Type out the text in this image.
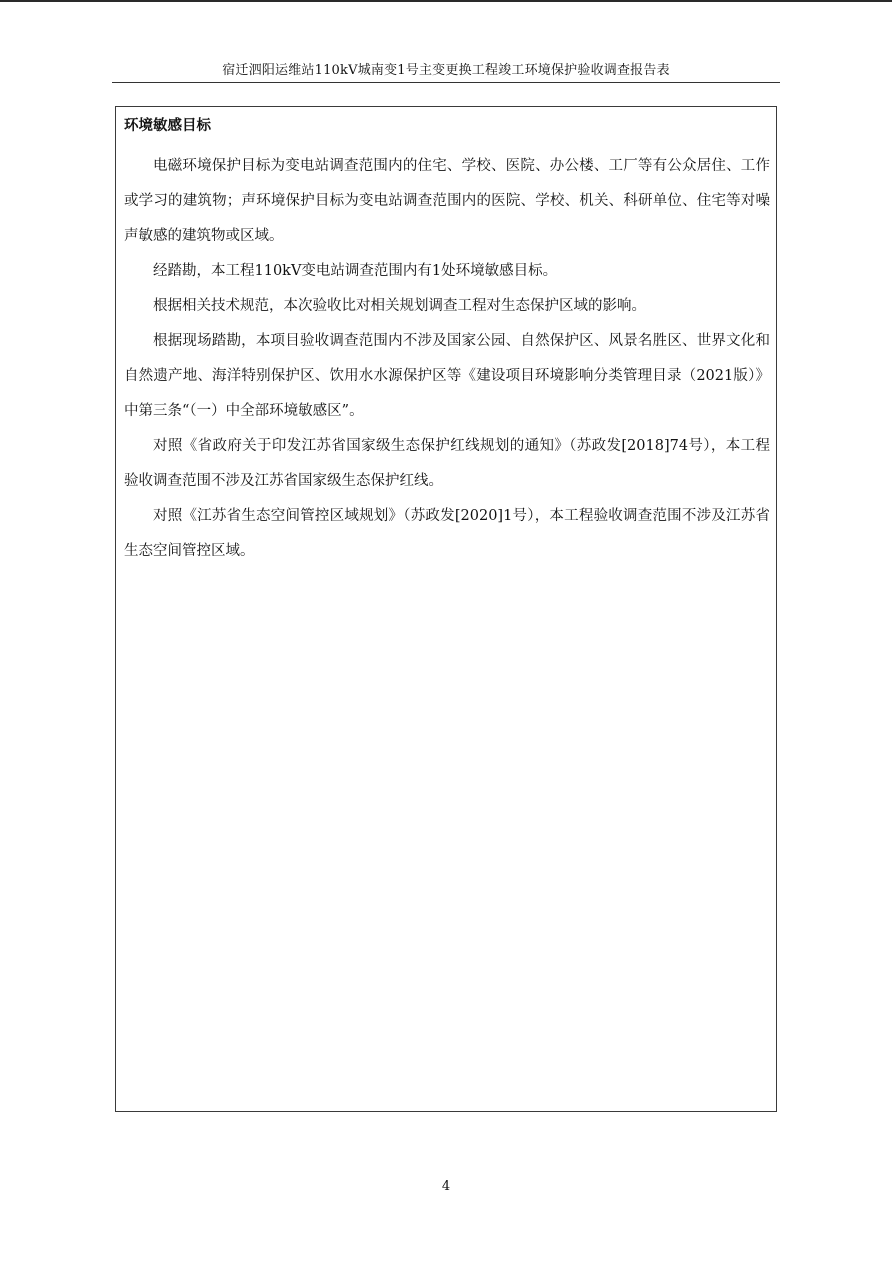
宿迁泗阳运维站110kV城南变1号主变更换工程竣工环境保护验收调查报告表
环境敏感目标

电磁环境保护目标为变电站调查范围内的住宅、学校、医院、办公楼、工厂等有公众居住、工作或学习的建筑物；声环境保护目标为变电站调查范围内的医院、学校、机关、科研单位、住宅等对噪声敏感的建筑物或区域。

经踏勘，本工程110kV变电站调查范围内有1处环境敏感目标。

根据相关技术规范，本次验收比对相关规划调查工程对生态保护区域的影响。

根据现场踏勘，本项目验收调查范围内不涉及国家公园、自然保护区、风景名胜区、世界文化和自然遗产地、海洋特别保护区、饮用水水源保护区等《建设项目环境影响分类管理目录（2021版）》中第三条“（一）中全部环境敏感区”。

对照《省政府关于印发江苏省国家级生态保护红线规划的通知》（苏政发[2018]74号），本工程验收调查范围不涉及江苏省国家级生态保护红线。

对照《江苏省生态空间管控区域规划》（苏政发[2020]1号），本工程验收调查范围不涉及江苏省生态空间管控区域。

4
